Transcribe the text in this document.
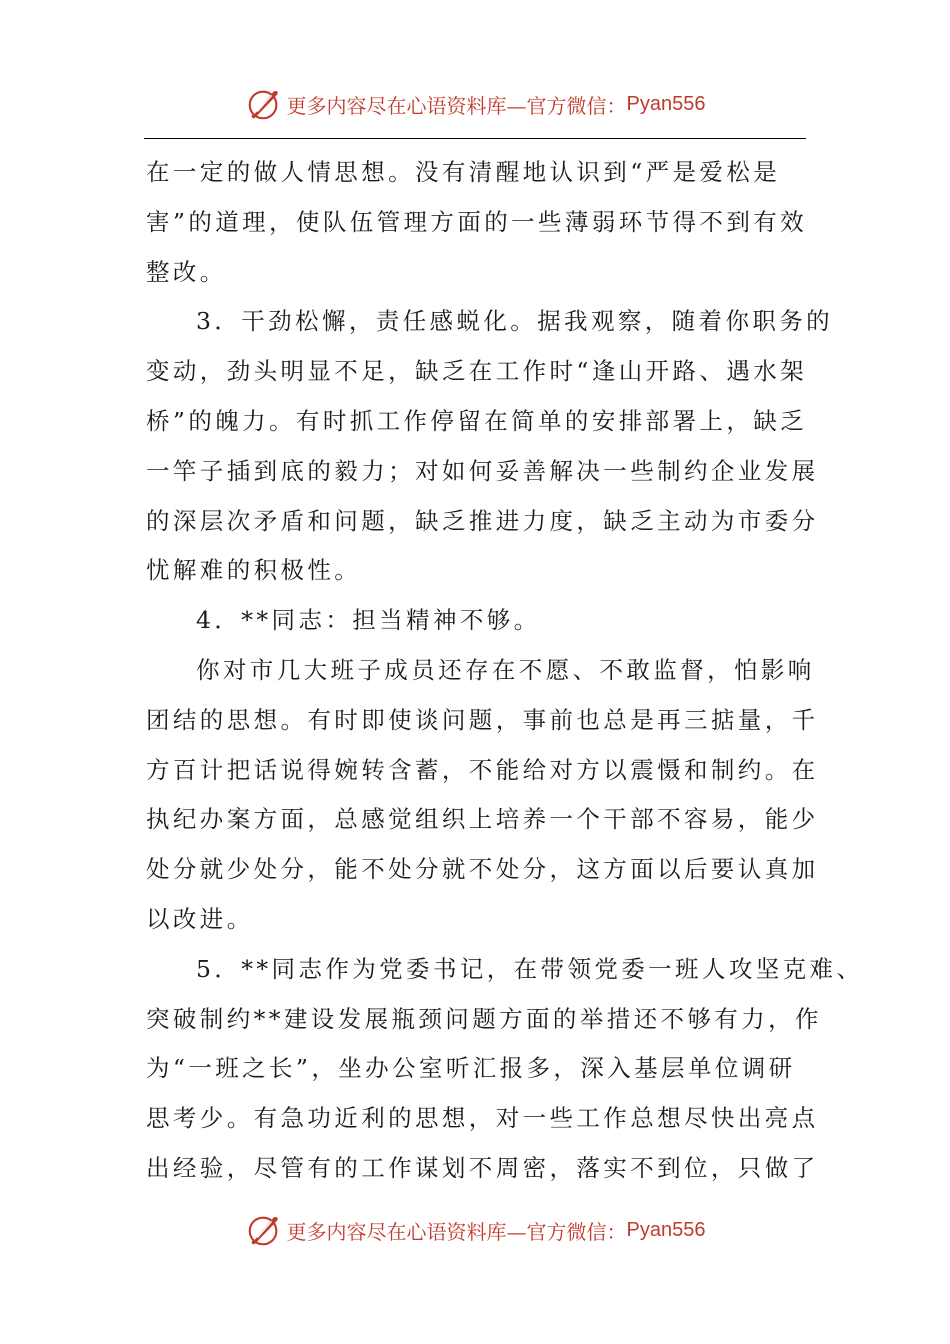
更多内容尽在心语资料库—官方微信： Pyan556
在一定的做人情思想。没有清醒地认识到“严是爱松是
害”的道理，使队伍管理方面的一些薄弱环节得不到有效
整改。
3．干劲松懈，责任感蜕化。据我观察，随着你职务的
变动，劲头明显不足，缺乏在工作时“逢山开路、遇水架
桥”的魄力。有时抓工作停留在简单的安排部署上，缺乏
一竿子插到底的毅力；对如何妥善解决一些制约企业发展
的深层次矛盾和问题，缺乏推进力度，缺乏主动为市委分
忧解难的积极性。
4．**同志：担当精神不够。
你对市几大班子成员还存在不愿、不敢监督，怕影响
团结的思想。有时即使谈问题，事前也总是再三掂量，千
方百计把话说得婉转含蓄，不能给对方以震慑和制约。在
执纪办案方面，总感觉组织上培养一个干部不容易，能少
处分就少处分，能不处分就不处分，这方面以后要认真加
以改进。
5．**同志作为党委书记，在带领党委一班人攻坚克难、
突破制约**建设发展瓶颈问题方面的举措还不够有力，作
为“一班之长”，坐办公室听汇报多，深入基层单位调研
思考少。有急功近利的思想，对一些工作总想尽快出亮点
出经验，尽管有的工作谋划不周密，落实不到位，只做了
更多内容尽在心语资料库—官方微信： Pyan556
